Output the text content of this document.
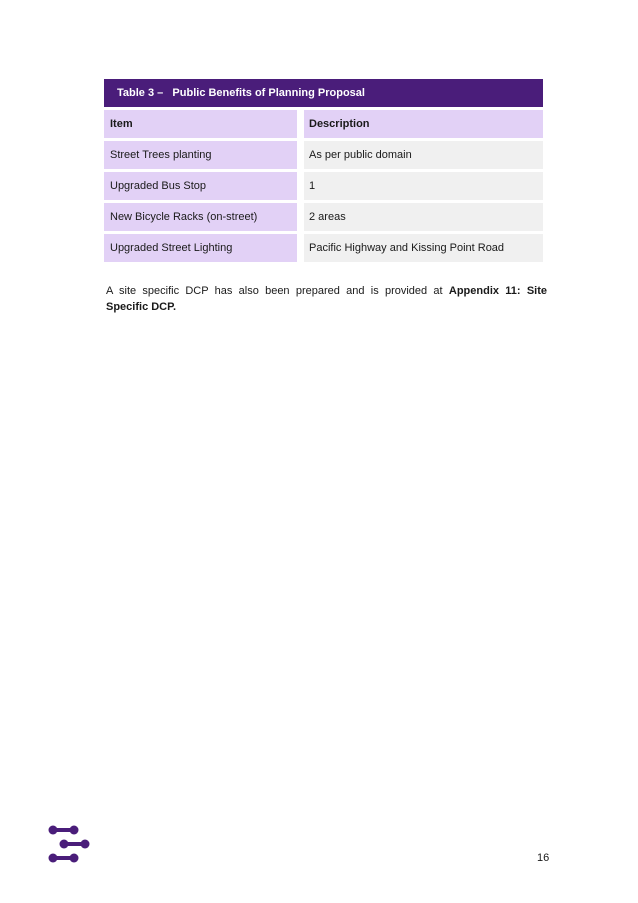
Table 3 –   Public Benefits of Planning Proposal
Item	Description
Street Trees planting	As per public domain
Upgraded Bus Stop	1
New Bicycle Racks (on-street)	2 areas
Upgraded Street Lighting	Pacific Highway and Kissing Point Road

A site specific DCP has also been prepared and is provided at Appendix 11: Site Specific DCP.

16
